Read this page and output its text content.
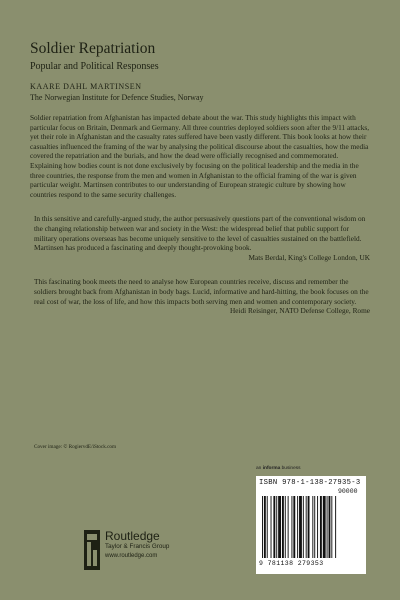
Soldier Repatriation
Popular and Political Responses
KAARE DAHL MARTINSEN
The Norwegian Institute for Defence Studies, Norway
Soldier repatriation from Afghanistan has impacted debate about the war. This study highlights this impact with particular focus on Britain, Denmark and Germany. All three countries deployed soldiers soon after the 9/11 attacks, yet their role in Afghanistan and the casualty rates suffered have been vastly different. This book looks at how their casualties influenced the framing of the war by analysing the political discourse about the casualties, how the media covered the repatriation and the burials, and how the dead were officially recognised and commemorated. Explaining how bodies count is not done exclusively by focusing on the political leadership and the media in the three countries, the response from the men and women in Afghanistan to the official framing of the war is given particular weight. Martinsen contributes to our understanding of European strategic culture by showing how countries respond to the same security challenges.
In this sensitive and carefully-argued study, the author persuasively questions part of the conventional wisdom on the changing relationship between war and society in the West: the widespread belief that public support for military operations overseas has become uniquely sensitive to the level of casualties sustained on the battlefield. Martinsen has produced a fascinating and deeply thought-provoking book.
Mats Berdal, King's College London, UK
This fascinating book meets the need to analyse how European countries receive, discuss and remember the soldiers brought back from Afghanistan in body bags. Lucid, informative and hard-hitting, the book focuses on the real cost of war, the loss of life, and how this impacts both serving men and women and contemporary society.
Heidi Reisinger, NATO Defense College, Rome
Cover image: © RogiervdE/iStock.com
an informa business
ISBN 978-1-138-27935-3
90000
9 781138 279353
Routledge
Taylor & Francis Group
www.routledge.com
